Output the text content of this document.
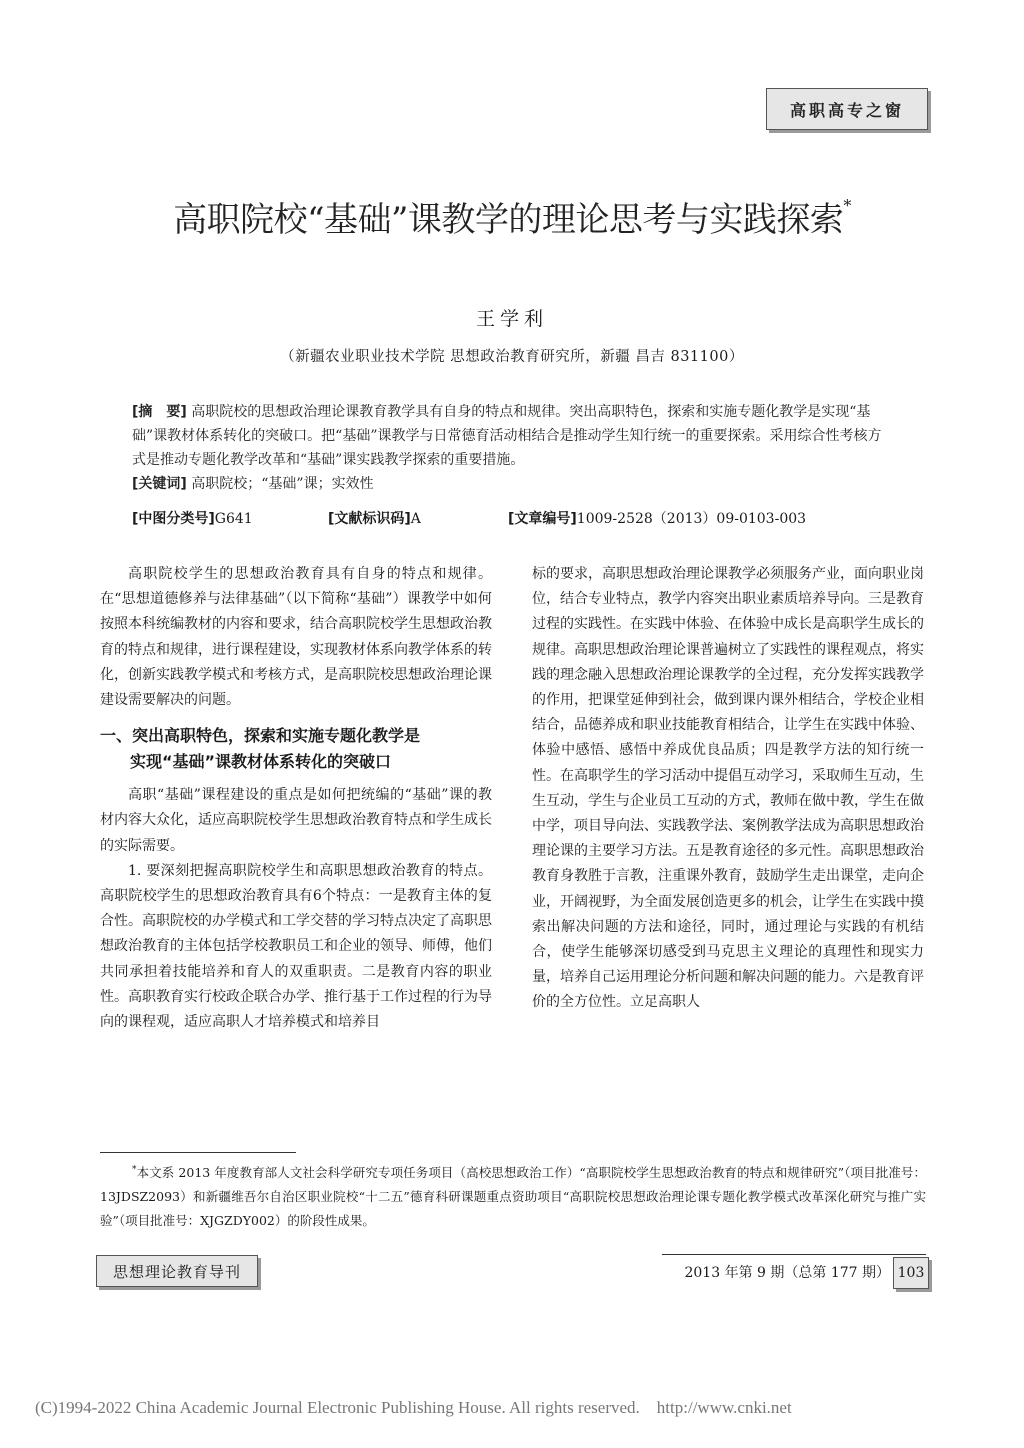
高职高专之窗
高职院校“基础”课教学的理论思考与实践探索*
王学利
（新疆农业职业技术学院 思想政治教育研究所，新疆 昌吉 831100）
[摘　要] 高职院校的思想政治理论课教育教学具有自身的特点和规律。突出高职特色，探索和实施专题化教学是实现“基础”课教材体系转化的突破口。把“基础”课教学与日常德育活动相结合是推动学生知行统一的重要探索。采用综合性考核方式是推动专题化教学改革和“基础”课实践教学探索的重要措施。
[关键词] 高职院校；“基础”课；实效性
[中图分类号]G641	[文献标识码]A	[文章编号]1009-2528（2013）09-0103-003

高职院校学生的思想政治教育具有自身的特点和规律。在“思想道德修养与法律基础”（以下简称“基础”）课教学中如何按照本科统编教材的内容和要求，结合高职院校学生思想政治教育的特点和规律，进行课程建设，实现教材体系向教学体系的转化，创新实践教学模式和考核方式，是高职院校思想政治理论课建设需要解决的问题。

一、突出高职特色，探索和实施专题化教学是
实现“基础”课教材体系转化的突破口

高职“基础”课程建设的重点是如何把统编的“基础”课的教材内容大众化，适应高职院校学生思想政治教育特点和学生成长的实际需要。

1. 要深刻把握高职院校学生和高职思想政治教育的特点。高职院校学生的思想政治教育具有6个特点：一是教育主体的复合性。高职院校的办学模式和工学交替的学习特点决定了高职思想政治教育的主体包括学校教职员工和企业的领导、师傅，他们共同承担着技能培养和育人的双重职责。二是教育内容的职业性。高职教育实行校政企联合办学、推行基于工作过程的行为导向的课程观，适应高职人才培养模式和培养目

标的要求，高职思想政治理论课教学必须服务产业，面向职业岗位，结合专业特点，教学内容突出职业素质培养导向。三是教育过程的实践性。在实践中体验、在体验中成长是高职学生成长的规律。高职思想政治理论课普遍树立了实践性的课程观点，将实践的理念融入思想政治理论课教学的全过程，充分发挥实践教学的作用，把课堂延伸到社会，做到课内课外相结合，学校企业相结合，品德养成和职业技能教育相结合，让学生在实践中体验、体验中感悟、感悟中养成优良品质；四是教学方法的知行统一性。在高职学生的学习活动中提倡互动学习，采取师生互动，生生互动，学生与企业员工互动的方式，教师在做中教，学生在做中学，项目导向法、实践教学法、案例教学法成为高职思想政治理论课的主要学习方法。五是教育途径的多元性。高职思想政治教育身教胜于言教，注重课外教育，鼓励学生走出课堂，走向企业，开阔视野，为全面发展创造更多的机会，让学生在实践中摸索出解决问题的方法和途径，同时，通过理论与实践的有机结合，使学生能够深切感受到马克思主义理论的真理性和现实力量，培养自己运用理论分析问题和解决问题的能力。六是教育评价的全方位性。立足高职人

*本文系 2013 年度教育部人文社会科学研究专项任务项目（高校思想政治工作）“高职院校学生思想政治教育的特点和规律研究”（项目批准号：13JDSZ2093）和新疆维吾尔自治区职业院校“十二五”德育科研课题重点资助项目“高职院校思想政治理论课专题化教学模式改革深化研究与推广实验”（项目批准号：XJGZDY002）的阶段性成果。
思想理论教育导刊	2013 年第 9 期（总第 177 期） 103
(C)1994-2022 China Academic Journal Electronic Publishing House. All rights reserved.    http://www.cnki.net
